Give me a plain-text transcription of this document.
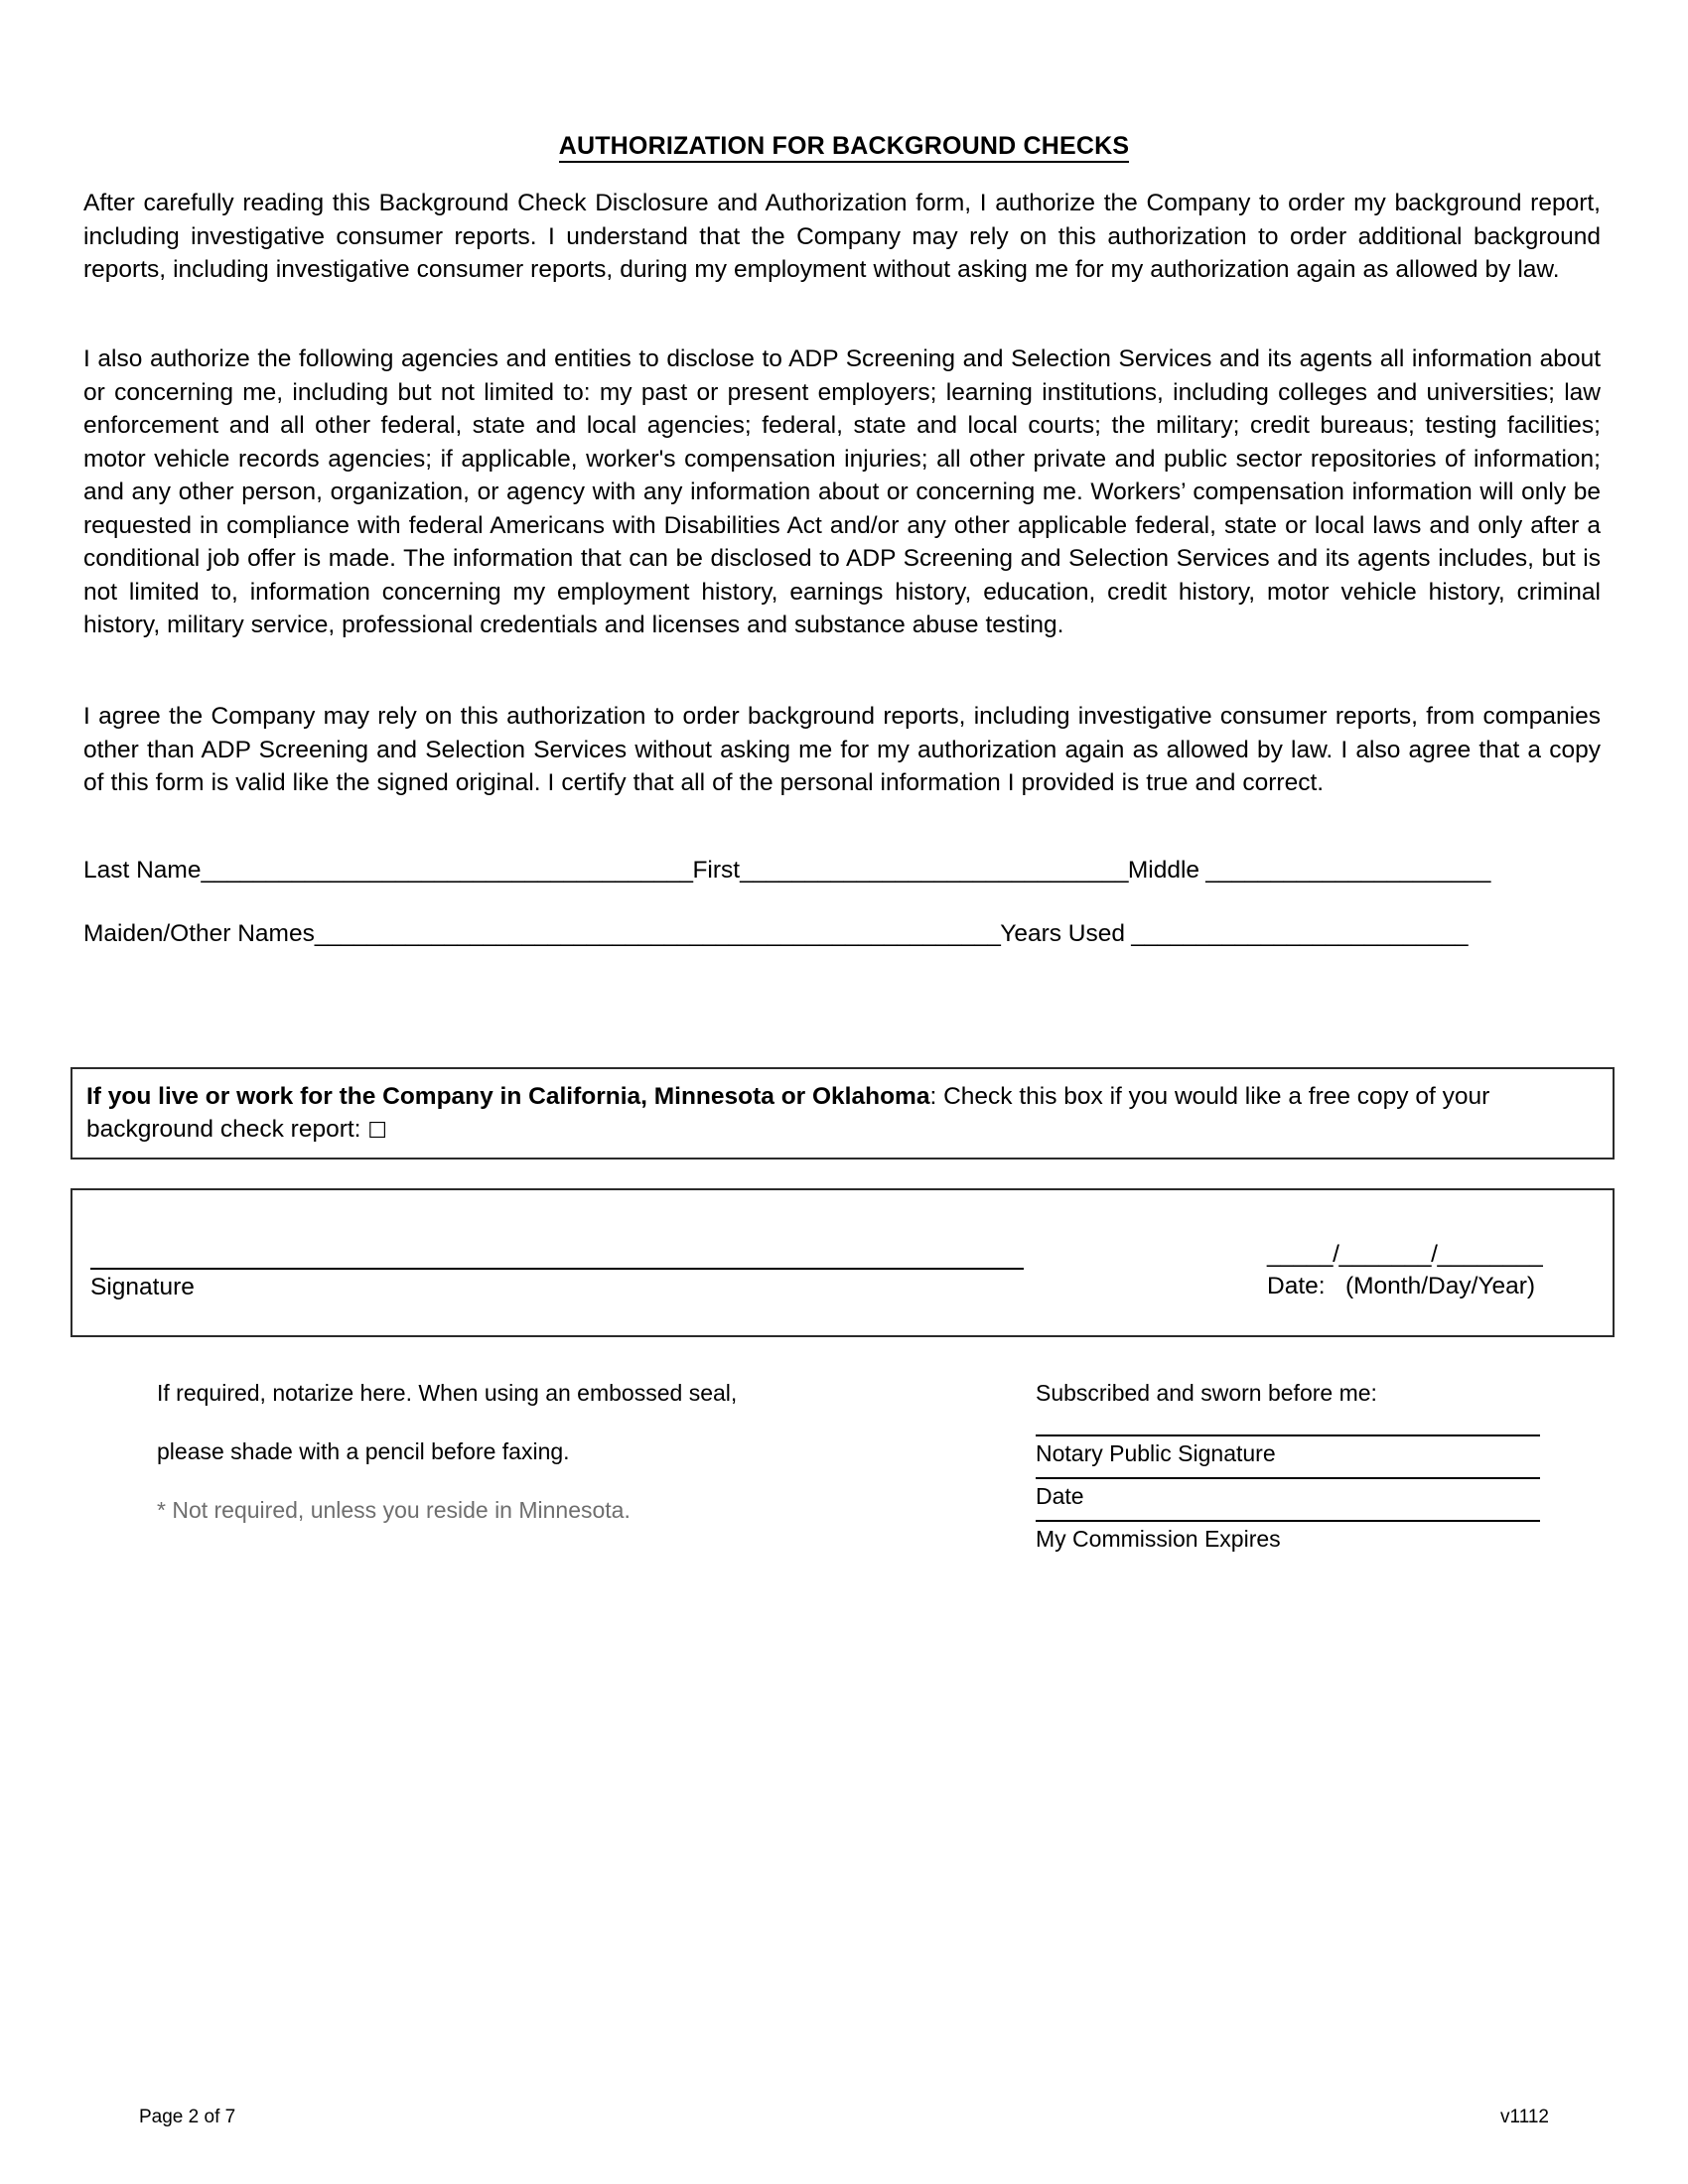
AUTHORIZATION FOR BACKGROUND CHECKS

After carefully reading this Background Check Disclosure and Authorization form, I authorize the Company to order my background report, including investigative consumer reports. I understand that the Company may rely on this authorization to order additional background reports, including investigative consumer reports, during my employment without asking me for my authorization again as allowed by law.

I also authorize the following agencies and entities to disclose to ADP Screening and Selection Services and its agents all information about or concerning me, including but not limited to: my past or present employers; learning institutions, including colleges and universities; law enforcement and all other federal, state and local agencies; federal, state and local courts; the military; credit bureaus; testing facilities; motor vehicle records agencies; if applicable, worker's compensation injuries; all other private and public sector repositories of information; and any other person, organization, or agency with any information about or concerning me. Workers’ compensation information will only be requested in compliance with federal Americans with Disabilities Act and/or any other applicable federal, state or local laws and only after a conditional job offer is made. The information that can be disclosed to ADP Screening and Selection Services and its agents includes, but is not limited to, information concerning my employment history, earnings history, education, credit history, motor vehicle history, criminal history, military service, professional credentials and licenses and substance abuse testing.

I agree the Company may rely on this authorization to order background reports, including investigative consumer reports, from companies other than ADP Screening and Selection Services without asking me for my authorization again as allowed by law. I also agree that a copy of this form is valid like the signed original. I certify that all of the personal information I provided is true and correct.

Last Name______________________________________First______________________________Middle ______________________
Maiden/Other Names_____________________________________________________Years Used __________________________

If you live or work for the Company in California, Minnesota or Oklahoma: Check this box if you would like a free copy of your background check report: ☐

Signature
_____/_______/________
Date: (Month/Day/Year)

If required, notarize here. When using an embossed seal,

please shade with a pencil before faxing.

* Not required, unless you reside in Minnesota.

Subscribed and sworn before me:

Notary Public Signature
Date
My Commission Expires
Page 2 of 7	v1112
